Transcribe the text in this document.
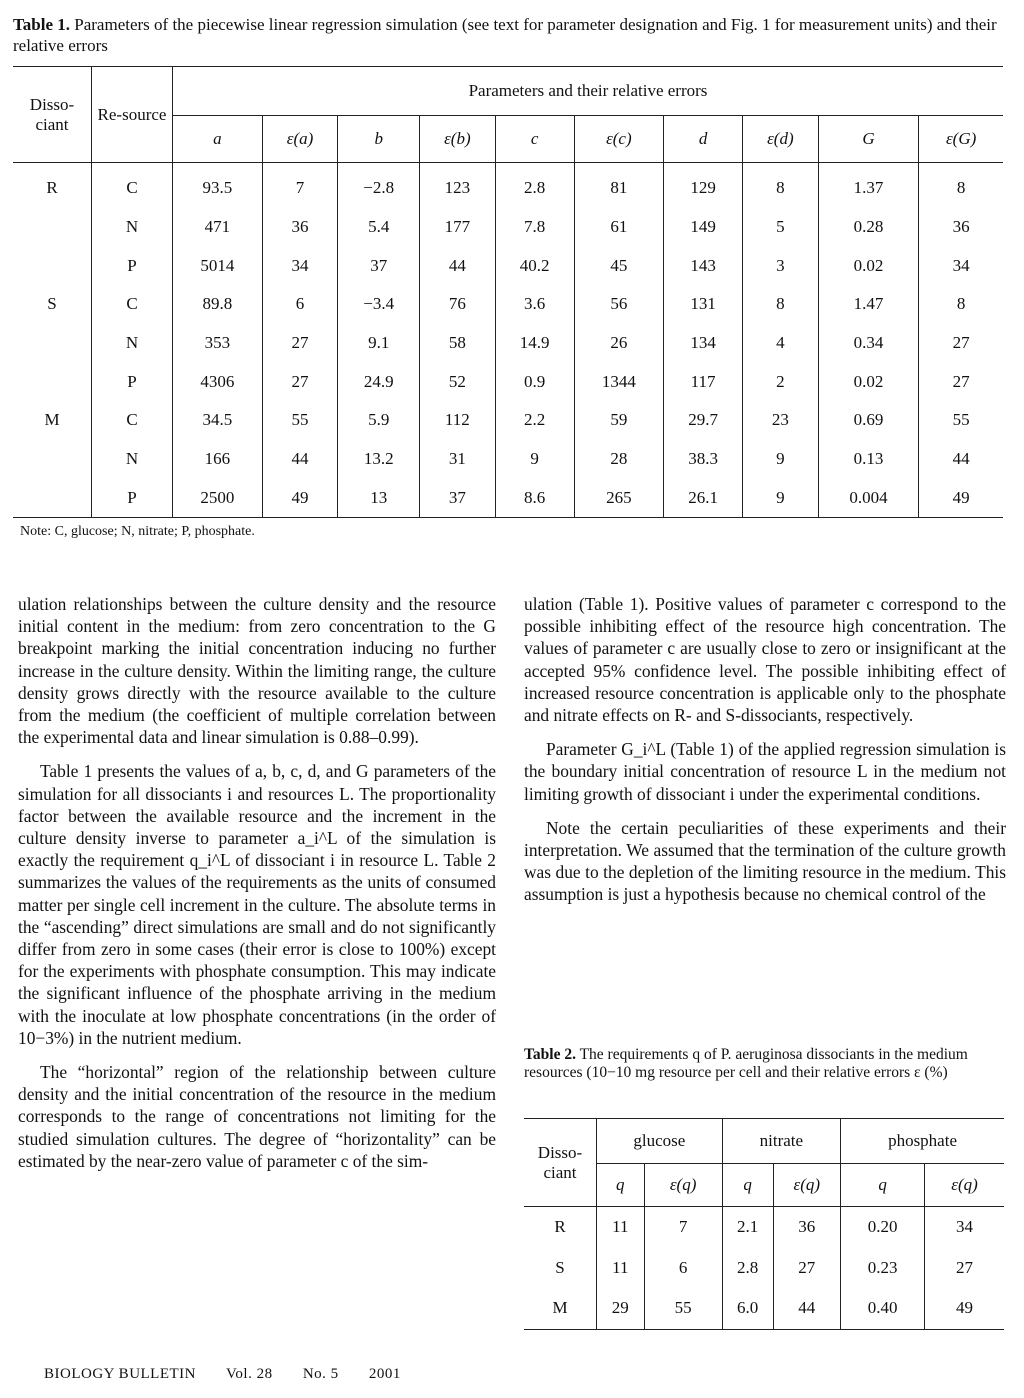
Table 1. Parameters of the piecewise linear regression simulation (see text for parameter designation and Fig. 1 for measurement units) and their relative errors
Disso-ciant	Re-source	Parameters and their relative errors									
		a	ε(a)	b	ε(b)	c	ε(c)	d	ε(d)	G	ε(G)
R	C	93.5	7	−2.8	123	2.8	81	129	8	1.37	8
	N	471	36	5.4	177	7.8	61	149	5	0.28	36
	P	5014	34	37	44	40.2	45	143	3	0.02	34
S	C	89.8	6	−3.4	76	3.6	56	131	8	1.47	8
	N	353	27	9.1	58	14.9	26	134	4	0.34	27
	P	4306	27	24.9	52	0.9	1344	117	2	0.02	27
M	C	34.5	55	5.9	112	2.2	59	29.7	23	0.69	55
	N	166	44	13.2	31	9	28	38.3	9	0.13	44
	P	2500	49	13	37	8.6	265	26.1	9	0.004	49
Note: C, glucose; N, nitrate; P, phosphate.

ulation relationships between the culture density and the resource initial content in the medium: from zero concentration to the G breakpoint marking the initial concentration inducing no further increase in the culture density. Within the limiting range, the culture density grows directly with the resource available to the culture from the medium (the coefficient of multiple correlation between the experimental data and linear simulation is 0.88–0.99).

Table 1 presents the values of a, b, c, d, and G parameters of the simulation for all dissociants i and resources L. The proportionality factor between the available resource and the increment in the culture density inverse to parameter a_i^L of the simulation is exactly the requirement q_i^L of dissociant i in resource L. Table 2 summarizes the values of the requirements as the units of consumed matter per single cell increment in the culture. The absolute terms in the “ascending” direct simulations are small and do not significantly differ from zero in some cases (their error is close to 100%) except for the experiments with phosphate consumption. This may indicate the significant influence of the phosphate arriving in the medium with the inoculate at low phosphate concentrations (in the order of 10−3%) in the nutrient medium.

The “horizontal” region of the relationship between culture density and the initial concentration of the resource in the medium corresponds to the range of concentrations not limiting for the studied simulation cultures. The degree of “horizontality” can be estimated by the near-zero value of parameter c of the sim-

ulation (Table 1). Positive values of parameter c correspond to the possible inhibiting effect of the resource high concentration. The values of parameter c are usually close to zero or insignificant at the accepted 95% confidence level. The possible inhibiting effect of increased resource concentration is applicable only to the phosphate and nitrate effects on R- and S-dissociants, respectively.

Parameter G_i^L (Table 1) of the applied regression simulation is the boundary initial concentration of resource L in the medium not limiting growth of dissociant i under the experimental conditions.

Note the certain peculiarities of these experiments and their interpretation. We assumed that the termination of the culture growth was due to the depletion of the limiting resource in the medium. This assumption is just a hypothesis because no chemical control of the

Table 2. The requirements q of P. aeruginosa dissociants in the medium resources (10−10 mg resource per cell and their relative errors ε (%)
Disso-ciant	glucose		nitrate		phosphate	
	q	ε(q)	q	ε(q)	q	ε(q)
R	11	7	2.1	36	0.20	34
S	11	6	2.8	27	0.23	27
M	29	55	6.0	44	0.40	49
BIOLOGY BULLETIN Vol. 28 No. 5 2001
